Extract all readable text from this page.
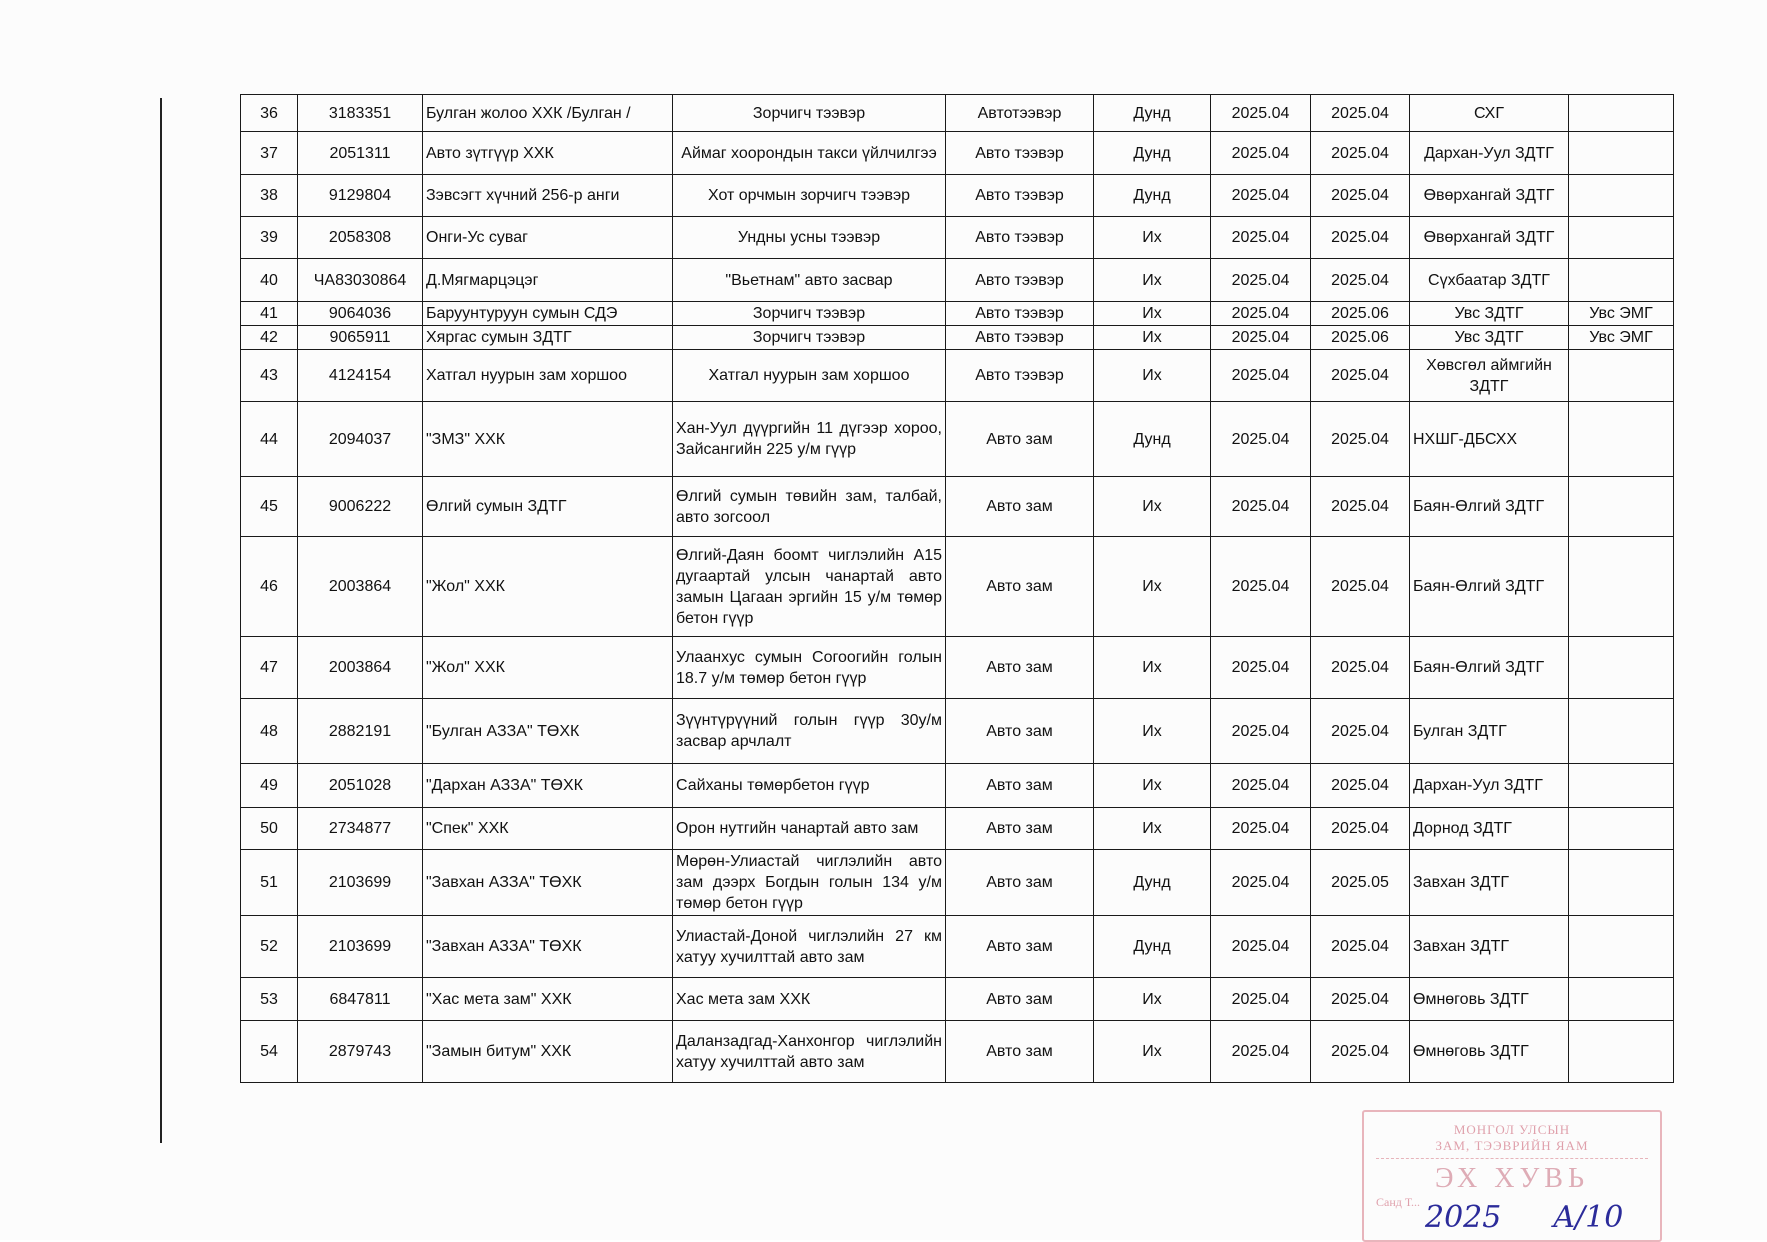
36	3183351	Булган жолоо ХХК /Булган /	Зорчигч тээвэр	Автотээвэр	Дунд	2025.04	2025.04	СХГ	
37	2051311	Авто зүтгүүр ХХК	Аймаг хоорондын такси үйлчилгээ	Авто тээвэр	Дунд	2025.04	2025.04	Дархан-Уул ЗДТГ	
38	9129804	Зэвсэгт хүчний 256-р анги	Хот орчмын зорчигч тээвэр	Авто тээвэр	Дунд	2025.04	2025.04	Өвөрхангай ЗДТГ	
39	2058308	Онги-Ус суваг	Ундны усны тээвэр	Авто тээвэр	Их	2025.04	2025.04	Өвөрхангай ЗДТГ	
40	ЧА83030864	Д.Мягмарцэцэг	"Вьетнам" авто засвар	Авто тээвэр	Их	2025.04	2025.04	Сүхбаатар ЗДТГ	
41	9064036	Баруунтуруун сумын СДЭ	Зорчигч тээвэр	Авто тээвэр	Их	2025.04	2025.06	Увс ЗДТГ	Увс ЭМГ
42	9065911	Хяргас сумын ЗДТГ	Зорчигч тээвэр	Авто тээвэр	Их	2025.04	2025.06	Увс ЗДТГ	Увс ЭМГ
43	4124154	Хатгал нуурын зам хоршоо	Хатгал нуурын зам хоршоо	Авто тээвэр	Их	2025.04	2025.04	Хөвсгөл аймгийн ЗДТГ	
44	2094037	"ЗМЗ" ХХК	Хан-Уул дүүргийн 11 дүгээр хороо, Зайсангийн 225 у/м гүүр	Авто зам	Дунд	2025.04	2025.04	НХШГ-ДБСХХ	
45	9006222	Өлгий сумын ЗДТГ	Өлгий сумын төвийн зам, талбай, авто зогсоол	Авто зам	Их	2025.04	2025.04	Баян-Өлгий ЗДТГ	
46	2003864	"Жол" ХХК	Өлгий-Даян боомт чиглэлийн А15 дугаартай улсын чанартай авто замын Цагаан эргийн 15 у/м төмөр бетон гүүр	Авто зам	Их	2025.04	2025.04	Баян-Өлгий ЗДТГ	
47	2003864	"Жол" ХХК	Улаанхус сумын Согоогийн голын 18.7 у/м төмөр бетон гүүр	Авто зам	Их	2025.04	2025.04	Баян-Өлгий ЗДТГ	
48	2882191	"Булган АЗЗА" ТӨХК	Зүүнтүрүүний голын гүүр 30у/м засвар арчлалт	Авто зам	Их	2025.04	2025.04	Булган ЗДТГ	
49	2051028	"Дархан АЗЗА" ТӨХК	Сайханы төмөрбетон гүүр	Авто зам	Их	2025.04	2025.04	Дархан-Уул ЗДТГ	
50	2734877	"Спек" ХХК	Орон нутгийн чанартай авто зам	Авто зам	Их	2025.04	2025.04	Дорнод ЗДТГ	
51	2103699	"Завхан АЗЗА" ТӨХК	Мөрөн-Улиастай чиглэлийн авто зам дээрх Богдын голын 134 у/м төмөр бетон гүүр	Авто зам	Дунд	2025.04	2025.05	Завхан ЗДТГ	
52	2103699	"Завхан АЗЗА" ТӨХК	Улиастай-Доной чиглэлийн 27 км хатуу хучилттай авто зам	Авто зам	Дунд	2025.04	2025.04	Завхан ЗДТГ	
53	6847811	"Хас мета зам" ХХК	Хас мета зам ХХК	Авто зам	Их	2025.04	2025.04	Өмнөговь ЗДТГ	
54	2879743	"Замын битум" ХХК	Даланзадгад-Ханхонгор чиглэлийн хатуу хучилттай авто зам	Авто зам	Их	2025.04	2025.04	Өмнөговь ЗДТГ	
МОНГОЛ УЛСЫН
ЗАМ, ТЭЭВРИЙН ЯАМ
ЭХ ХУВЬ
Санд Т... 2025 A/10
